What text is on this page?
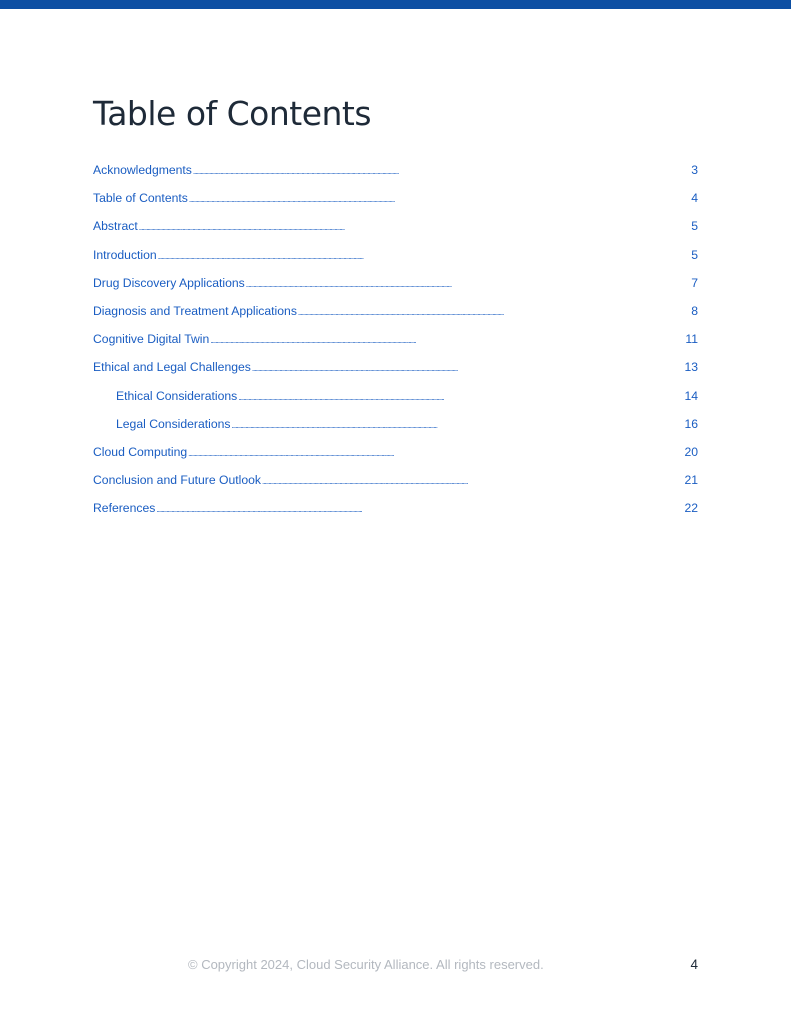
Table of Contents
Acknowledgments . . .	3
Table of Contents . . .	4
Abstract . . .	5
Introduction . . .	5
Drug Discovery Applications . . .	7
Diagnosis and Treatment Applications . . .	8
Cognitive Digital Twin . . .	11
Ethical and Legal Challenges . . .	13
Ethical Considerations . . .	14
Legal Considerations . . .	16
Cloud Computing . . .	20
Conclusion and Future Outlook . . .	21
References . . .	22
© Copyright 2024, Cloud Security Alliance. All rights reserved.	4
